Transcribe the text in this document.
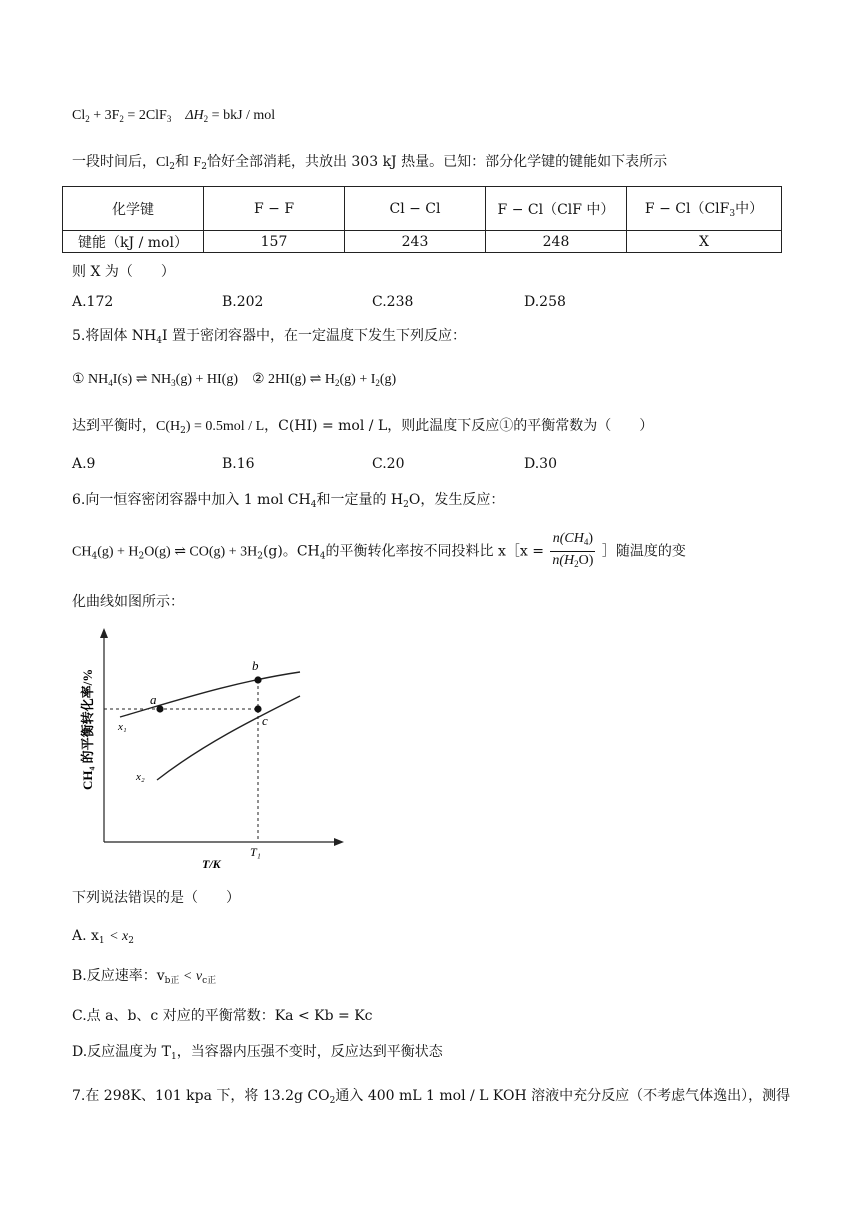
$Cl_2 + 3F_2 = 2ClF_3$ $\Delta H_2$ = bkJ / mol
一段时间后，$Cl_2$和 $F_2$恰好全部消耗，共放出 303 kJ 热量。已知：部分化学键的键能如下表所示
化学键	F − F	Cl − Cl	F − Cl（ClF 中）	F − Cl（ClF$_3$中）
键能（kJ / mol）	157	243	248	X
则 X 为（　　）
A.172	B.202	C.238	D.258
5.将固体 $NH_4I$ 置于密闭容器中，在一定温度下发生下列反应：
① $NH_4I(s)$ ⇌ $NH_3(g) + HI(g)$ ② 2HI(g) ⇌ $H_2(g) + I_2(g)$
达到平衡时，$C(H_2) = 0.5mol / L$，C(HI) = mol / L，则此温度下反应①的平衡常数为（　　）
A.9	B.16	C.20	D.30
6.向一恒容密闭容器中加入 1 mol $CH_4$和一定量的 $H_2O$，发生反应：
$CH_4(g) + H_2O(g)$ ⇌ $CO(g) + 3H_2(g)$。$CH_4$的平衡转化率按不同投料比 x［x = $\frac{n(CH_4)}{n(H_2O)}$ ］随温度的变
化曲线如图所示：
a
b
c
x₁
x₂
T₁
T/K
CH₄ 的平衡转化率/%
下列说法错误的是（　　）
A. $x_1 < x_2$
B.反应速率：$v_{b正} < v_{c正}$
C.点 a、b、c 对应的平衡常数：Ka < Kb = Kc
D.反应温度为 $T_1$，当容器内压强不变时，反应达到平衡状态
7.在 298K、101 kpa 下，将 13.2g $CO_2$通入 400 mL 1 mol / L KOH 溶液中充分反应（不考虑气体逸出），测得
